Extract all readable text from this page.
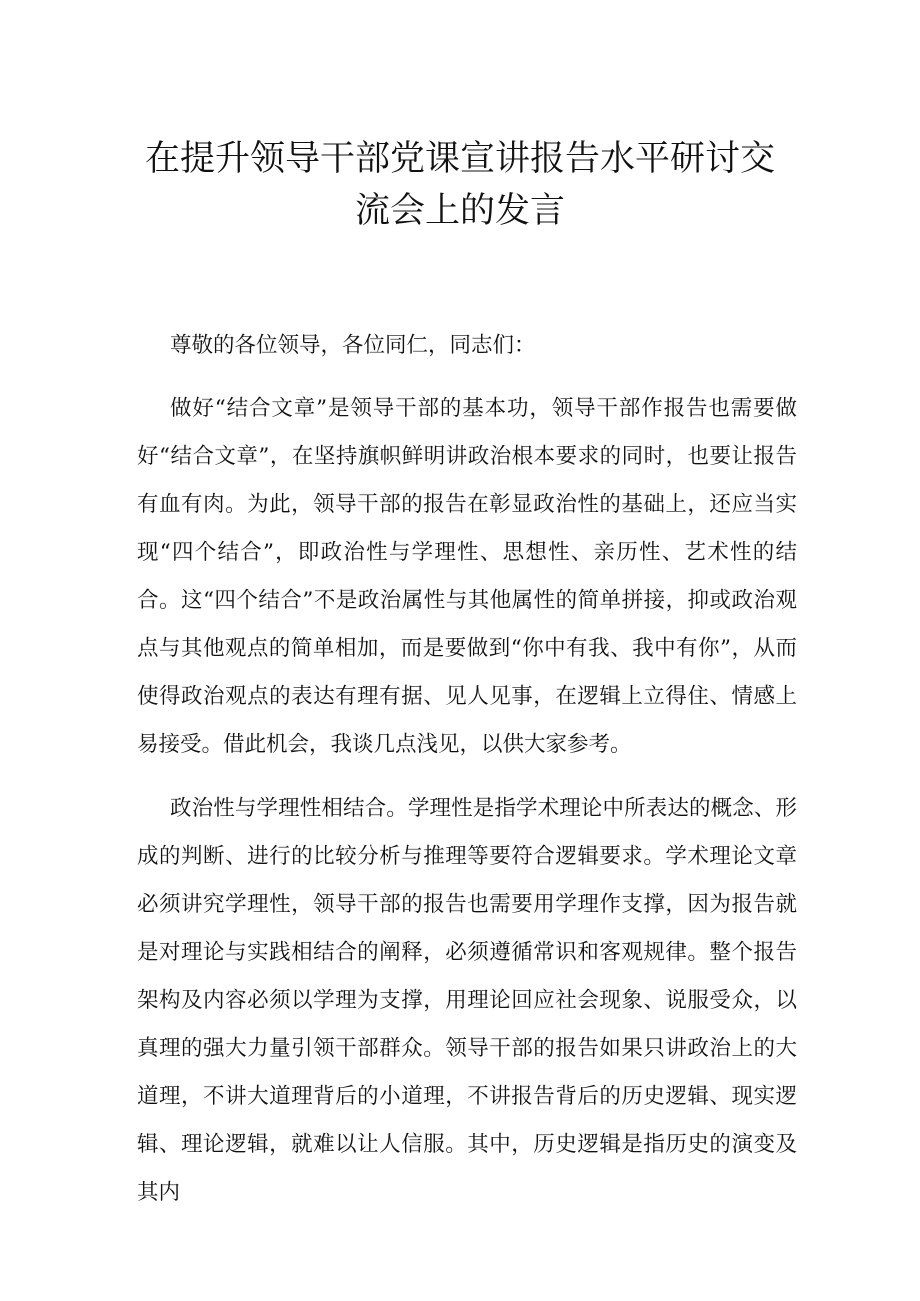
在提升领导干部党课宣讲报告水平研讨交
流会上的发言

尊敬的各位领导，各位同仁，同志们：

做好“结合文章”是领导干部的基本功，领导干部作报告也需要做好“结合文章”，在坚持旗帜鲜明讲政治根本要求的同时，也要让报告有血有肉。为此，领导干部的报告在彰显政治性的基础上，还应当实现“四个结合”，即政治性与学理性、思想性、亲历性、艺术性的结合。这“四个结合”不是政治属性与其他属性的简单拼接，抑或政治观点与其他观点的简单相加，而是要做到“你中有我、我中有你”，从而使得政治观点的表达有理有据、见人见事，在逻辑上立得住、情感上易接受。借此机会，我谈几点浅见，以供大家参考。

政治性与学理性相结合。学理性是指学术理论中所表达的概念、形成的判断、进行的比较分析与推理等要符合逻辑要求。学术理论文章必须讲究学理性，领导干部的报告也需要用学理作支撑，因为报告就是对理论与实践相结合的阐释，必须遵循常识和客观规律。整个报告架构及内容必须以学理为支撑，用理论回应社会现象、说服受众，以真理的强大力量引领干部群众。领导干部的报告如果只讲政治上的大道理，不讲大道理背后的小道理，不讲报告背后的历史逻辑、现实逻辑、理论逻辑，就难以让人信服。其中，历史逻辑是指历史的演变及其内
